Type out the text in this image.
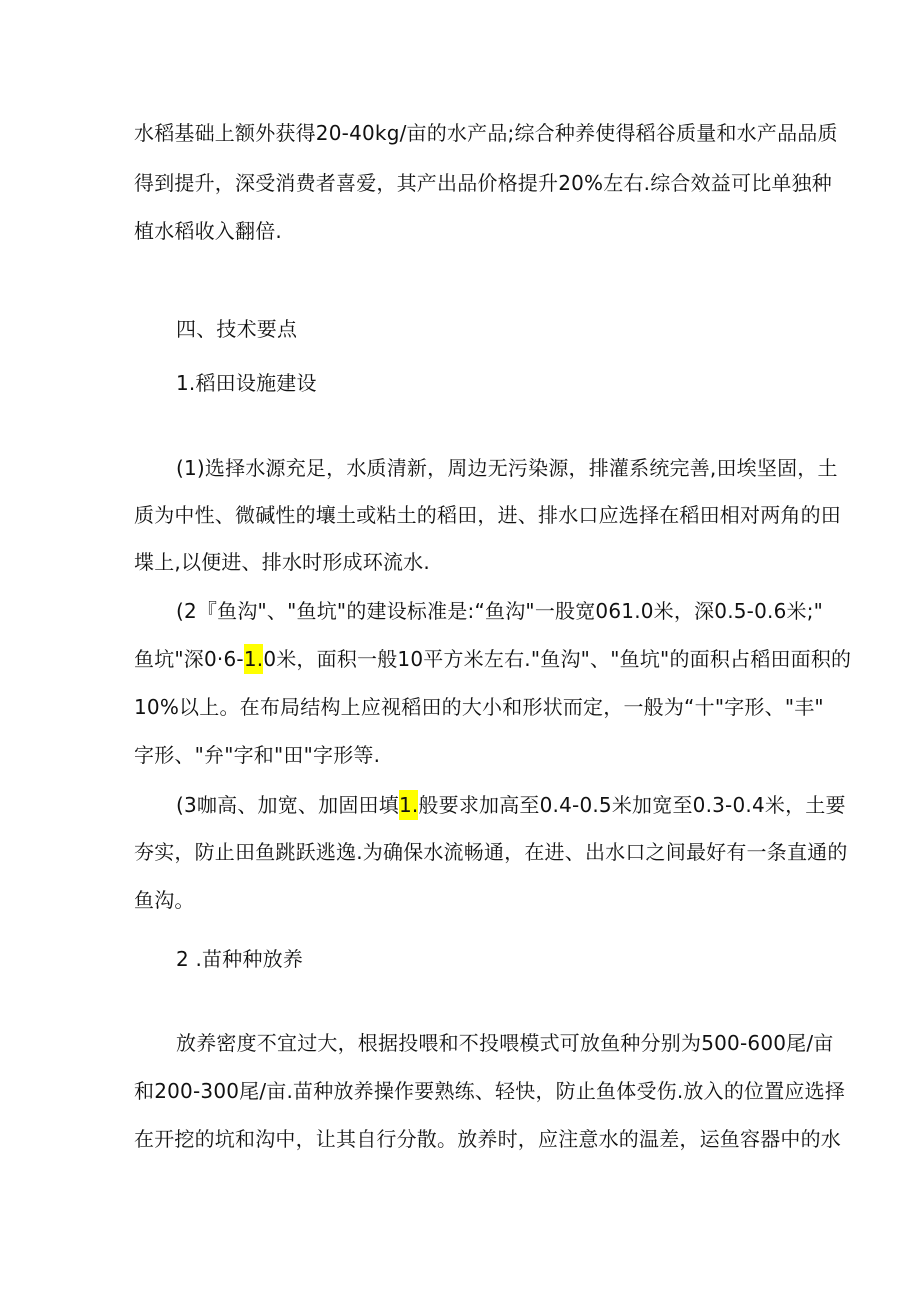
水稻基础上额外获得20-40kg/亩的水产品;综合种养使得稻谷质量和水产品品质
得到提升，深受消费者喜爱，其产出品价格提升20%左右.综合效益可比单独种
植水稻收入翻倍.
四、技术要点
1.稻田设施建设
(1)选择水源充足，水质清新，周边无污染源，排灌系统完善,田埃坚固，土
质为中性、微碱性的壤土或粘土的稻田，进、排水口应选择在稻田相对两角的田
堞上,以便进、排水时形成环流水.
(2『鱼沟"、"鱼坑"的建设标准是:“鱼沟"一股宽061.0米，深0.5-0.6米;"
鱼坑"深0·6-1.0米，面积一般10平方米左右."鱼沟"、"鱼坑"的面积占稻田面积的
10%以上。在布局结构上应视稻田的大小和形状而定，一般为“十"字形、"丰"
字形、"弁"字和"田"字形等.
(3咖高、加宽、加固田填1.般要求加高至0.4-0.5米加宽至0.3-0.4米，土要
夯实，防止田鱼跳跃逃逸.为确保水流畅通，在进、出水口之间最好有一条直通的
鱼沟。
2 .苗种种放养
放养密度不宜过大，根据投喂和不投喂模式可放鱼种分别为500-600尾/亩
和200-300尾/亩.苗种放养操作要熟练、轻快，防止鱼体受伤.放入的位置应选择
在开挖的坑和沟中，让其自行分散。放养时，应注意水的温差，运鱼容器中的水
